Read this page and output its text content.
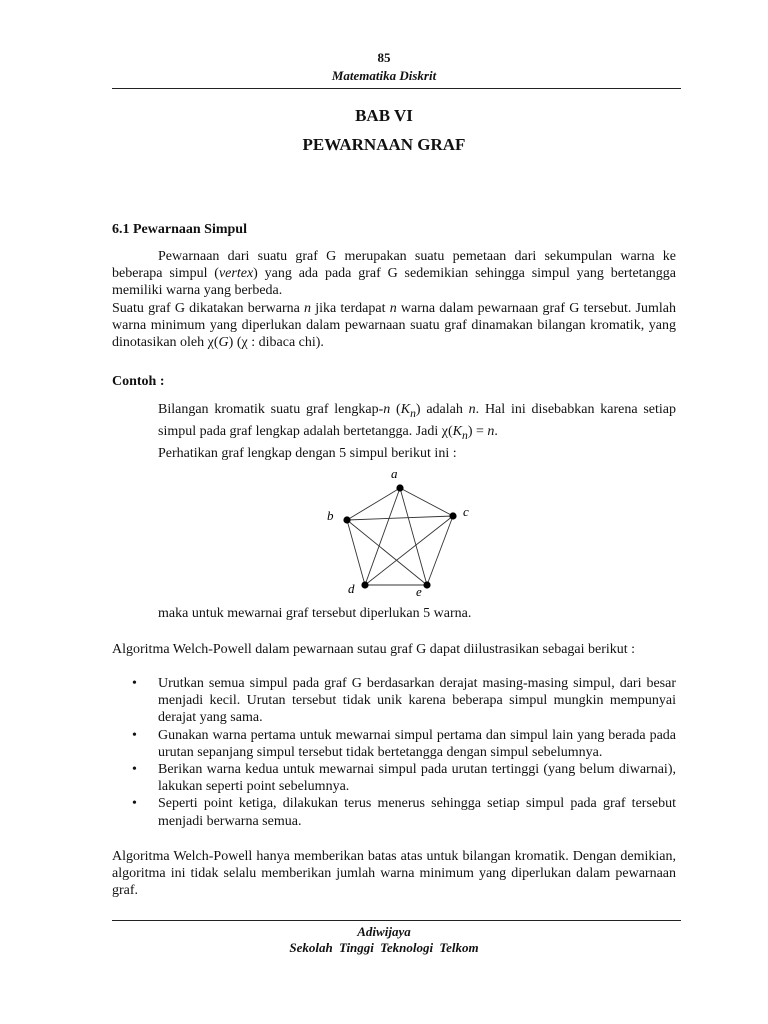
85
Matematika Diskrit
BAB VI
PEWARNAAN GRAF
6.1 Pewarnaan Simpul
Pewarnaan dari suatu graf G merupakan suatu pemetaan dari sekumpulan warna ke beberapa simpul (vertex) yang ada pada graf G sedemikian sehingga simpul yang bertetangga memiliki warna yang berbeda.
Suatu graf G dikatakan berwarna n jika terdapat n warna dalam pewarnaan graf G tersebut. Jumlah warna minimum yang diperlukan dalam pewarnaan suatu graf dinamakan bilangan kromatik, yang dinotasikan oleh χ(G) (χ : dibaca chi).
Contoh :
Bilangan kromatik suatu graf lengkap-n $(K_n)$ adalah n. Hal ini disebabkan karena setiap simpul pada graf lengkap adalah bertetangga. Jadi $\chi(K_n) = n$.
Perhatikan graf lengkap dengan 5 simpul berikut ini :
a
b	c
d	e
maka untuk mewarnai graf tersebut diperlukan 5 warna.
Algoritma Welch-Powell dalam pewarnaan sutau graf G dapat diilustrasikan sebagai berikut :
• Urutkan semua simpul pada graf G berdasarkan derajat masing-masing simpul, dari besar menjadi kecil. Urutan tersebut tidak unik karena beberapa simpul mungkin mempunyai derajat yang sama.
• Gunakan warna pertama untuk mewarnai simpul pertama dan simpul lain yang berada pada urutan sepanjang simpul tersebut tidak bertetangga dengan simpul sebelumnya.
• Berikan warna kedua untuk mewarnai simpul pada urutan tertinggi (yang belum diwarnai), lakukan seperti point sebelumnya.
• Seperti point ketiga, dilakukan terus menerus sehingga setiap simpul pada graf tersebut menjadi berwarna semua.
Algoritma Welch-Powell hanya memberikan batas atas untuk bilangan kromatik. Dengan demikian, algoritma ini tidak selalu memberikan jumlah warna minimum yang diperlukan dalam pewarnaan graf.
Adiwijaya
Sekolah Tinggi Teknologi Telkom
